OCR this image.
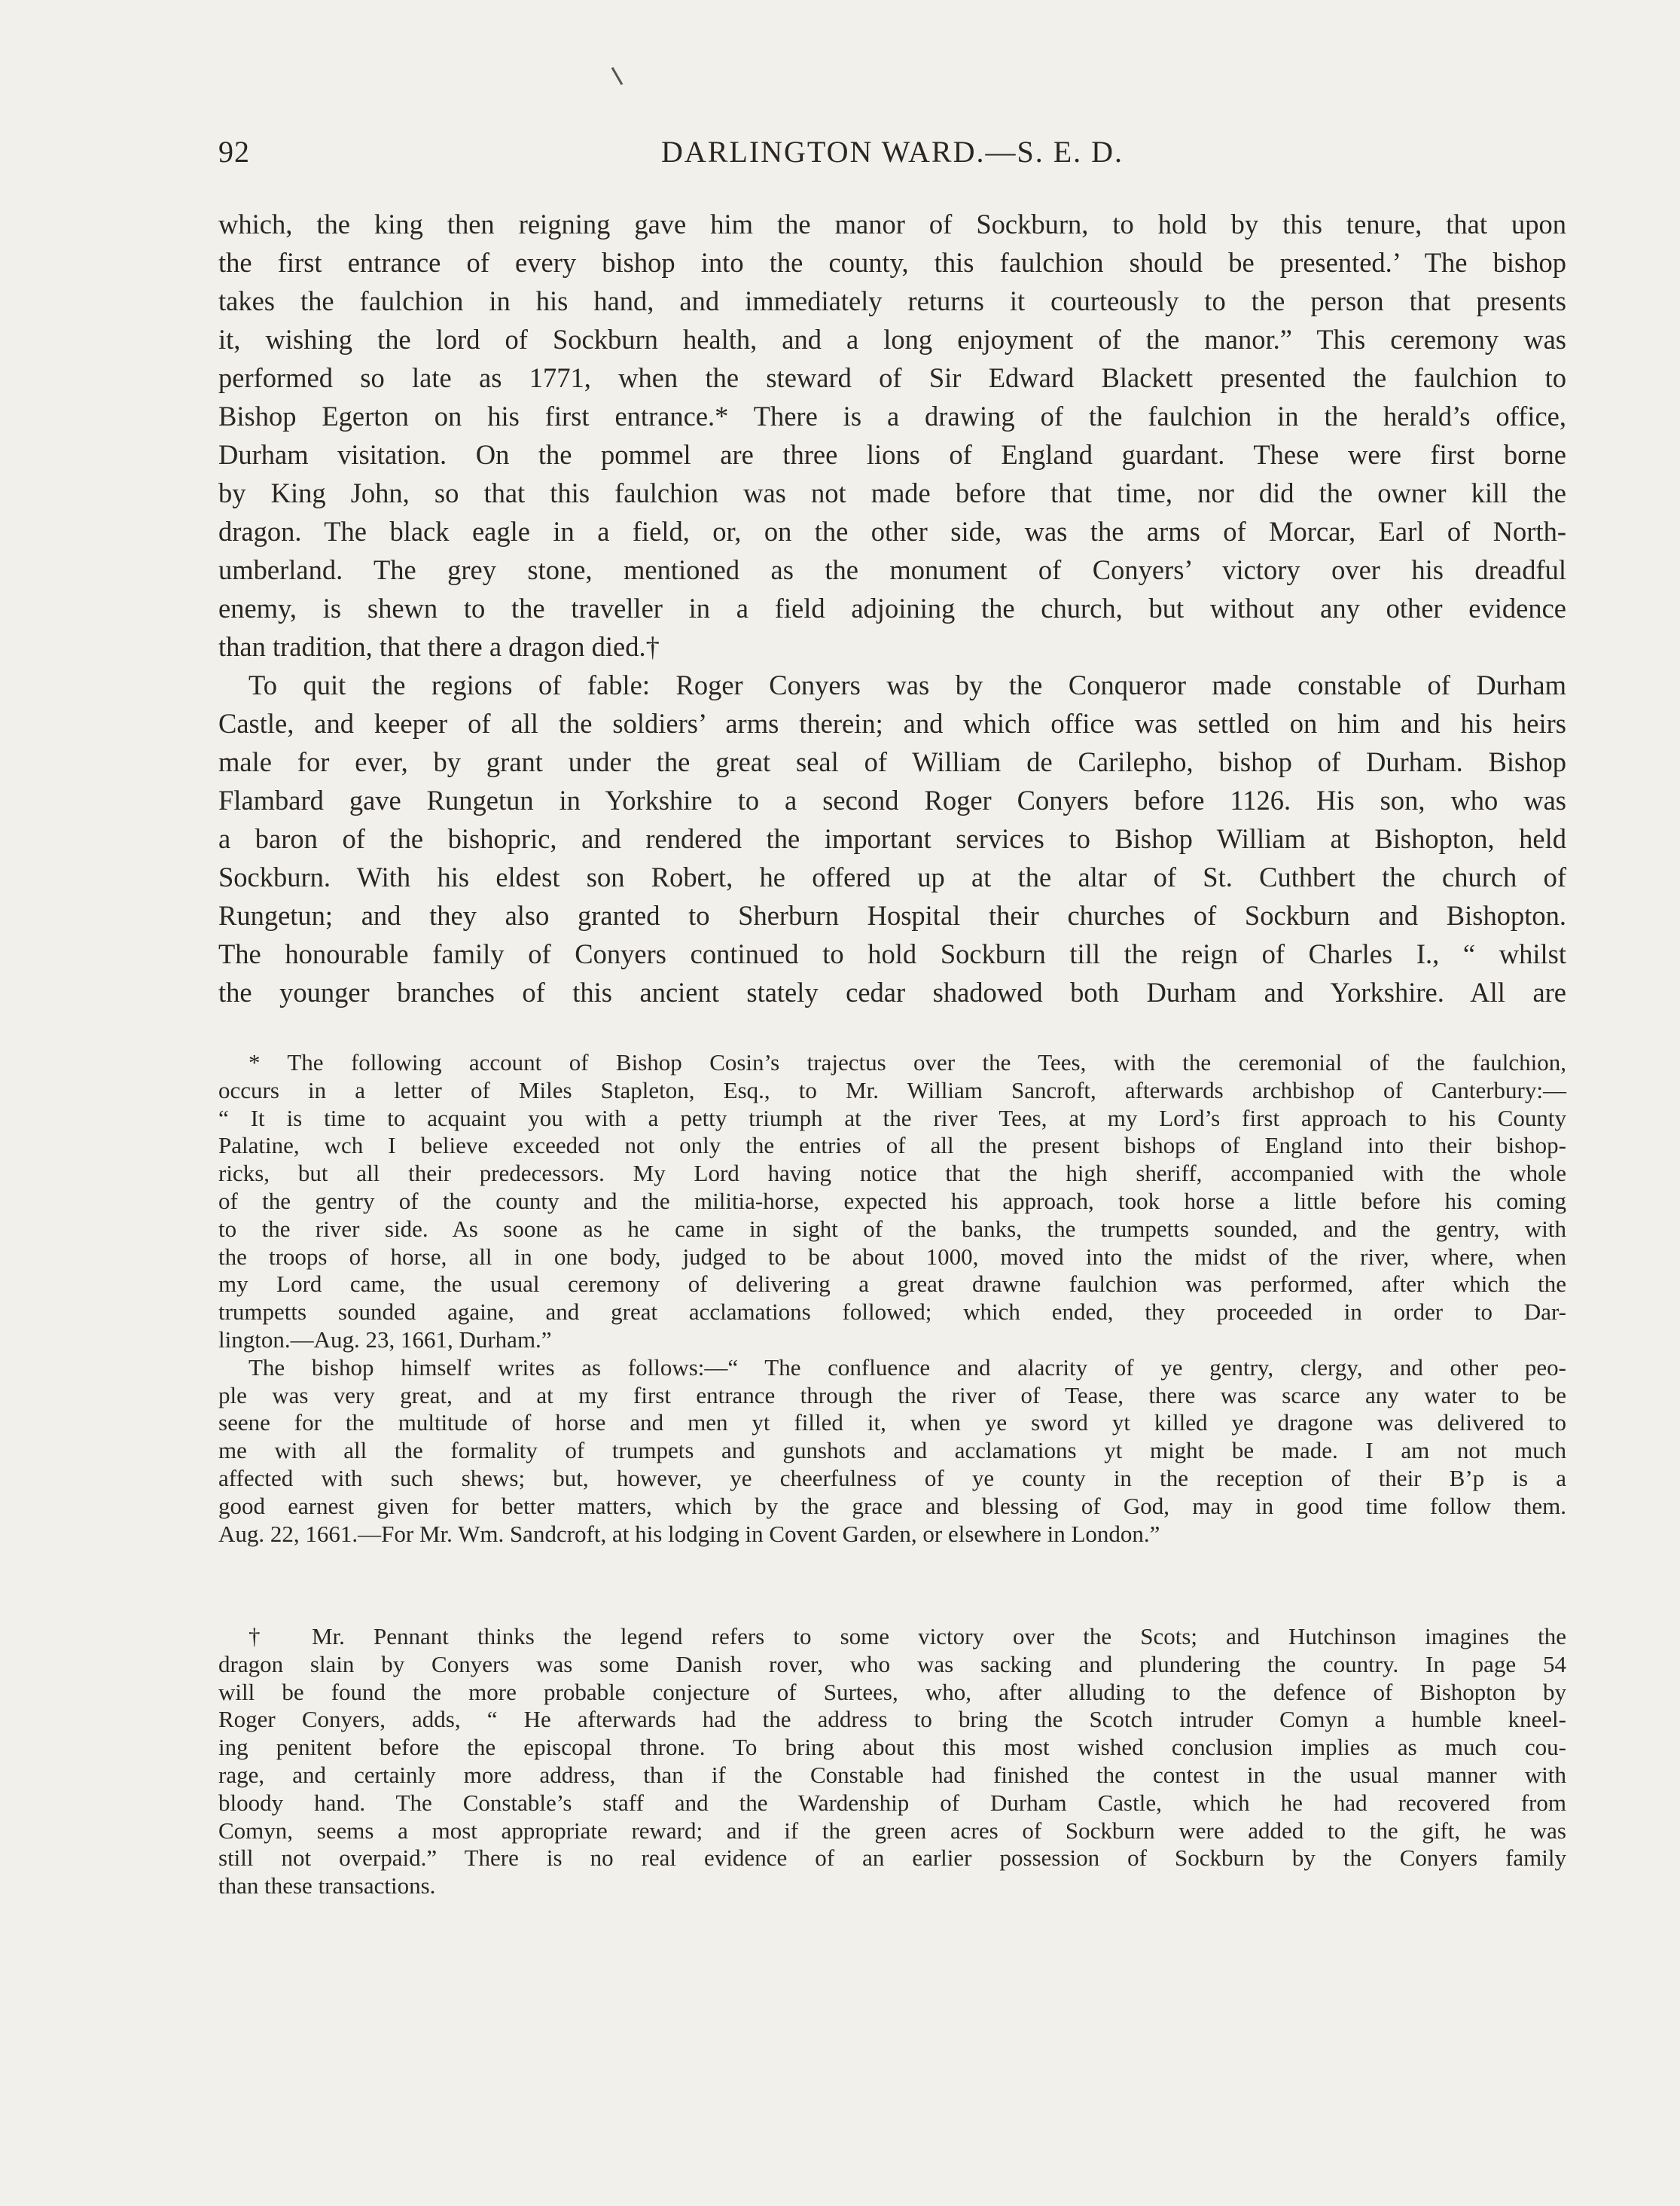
92	DARLINGTON WARD.—S. E. D.
which, the king then reigning gave him the manor of Sockburn, to hold by this tenure, that upon
the first entrance of every bishop into the county, this faulchion should be presented.’ The bishop
takes the faulchion in his hand, and immediately returns it courteously to the person that presents
it, wishing the lord of Sockburn health, and a long enjoyment of the manor.” This ceremony was
performed so late as 1771, when the steward of Sir Edward Blackett presented the faulchion to
Bishop Egerton on his first entrance.* There is a drawing of the faulchion in the herald’s office,
Durham visitation. On the pommel are three lions of England guardant. These were first borne
by King John, so that this faulchion was not made before that time, nor did the owner kill the
dragon. The black eagle in a field, or, on the other side, was the arms of Morcar, Earl of North-
umberland. The grey stone, mentioned as the monument of Conyers’ victory over his dreadful
enemy, is shewn to the traveller in a field adjoining the church, but without any other evidence
than tradition, that there a dragon died.†
To quit the regions of fable: Roger Conyers was by the Conqueror made constable of Durham
Castle, and keeper of all the soldiers’ arms therein; and which office was settled on him and his heirs
male for ever, by grant under the great seal of William de Carilepho, bishop of Durham. Bishop
Flambard gave Rungetun in Yorkshire to a second Roger Conyers before 1126. His son, who was
a baron of the bishopric, and rendered the important services to Bishop William at Bishopton, held
Sockburn. With his eldest son Robert, he offered up at the altar of St. Cuthbert the church of
Rungetun; and they also granted to Sherburn Hospital their churches of Sockburn and Bishopton.
The honourable family of Conyers continued to hold Sockburn till the reign of Charles I., “ whilst
the younger branches of this ancient stately cedar shadowed both Durham and Yorkshire. All are
* The following account of Bishop Cosin’s trajectus over the Tees, with the ceremonial of the faulchion,
occurs in a letter of Miles Stapleton, Esq., to Mr. William Sancroft, afterwards archbishop of Canterbury:—
“ It is time to acquaint you with a petty triumph at the river Tees, at my Lord’s first approach to his County
Palatine, wch I believe exceeded not only the entries of all the present bishops of England into their bishop-
ricks, but all their predecessors. My Lord having notice that the high sheriff, accompanied with the whole
of the gentry of the county and the militia-horse, expected his approach, took horse a little before his coming
to the river side. As soone as he came in sight of the banks, the trumpetts sounded, and the gentry, with
the troops of horse, all in one body, judged to be about 1000, moved into the midst of the river, where, when
my Lord came, the usual ceremony of delivering a great drawne faulchion was performed, after which the
trumpetts sounded againe, and great acclamations followed; which ended, they proceeded in order to Dar-
lington.—Aug. 23, 1661, Durham.”
The bishop himself writes as follows:—“ The confluence and alacrity of ye gentry, clergy, and other peo-
ple was very great, and at my first entrance through the river of Tease, there was scarce any water to be
seene for the multitude of horse and men yt filled it, when ye sword yt killed ye dragone was delivered to
me with all the formality of trumpets and gunshots and acclamations yt might be made. I am not much
affected with such shews; but, however, ye cheerfulness of ye county in the reception of their B’p is a
good earnest given for better matters, which by the grace and blessing of God, may in good time follow them.
Aug. 22, 1661.—For Mr. Wm. Sandcroft, at his lodging in Covent Garden, or elsewhere in London.”
† Mr. Pennant thinks the legend refers to some victory over the Scots; and Hutchinson imagines the
dragon slain by Conyers was some Danish rover, who was sacking and plundering the country. In page 54
will be found the more probable conjecture of Surtees, who, after alluding to the defence of Bishopton by
Roger Conyers, adds, “ He afterwards had the address to bring the Scotch intruder Comyn a humble kneel-
ing penitent before the episcopal throne. To bring about this most wished conclusion implies as much cou-
rage, and certainly more address, than if the Constable had finished the contest in the usual manner with
bloody hand. The Constable’s staff and the Wardenship of Durham Castle, which he had recovered from
Comyn, seems a most appropriate reward; and if the green acres of Sockburn were added to the gift, he was
still not overpaid.” There is no real evidence of an earlier possession of Sockburn by the Conyers family
than these transactions.
